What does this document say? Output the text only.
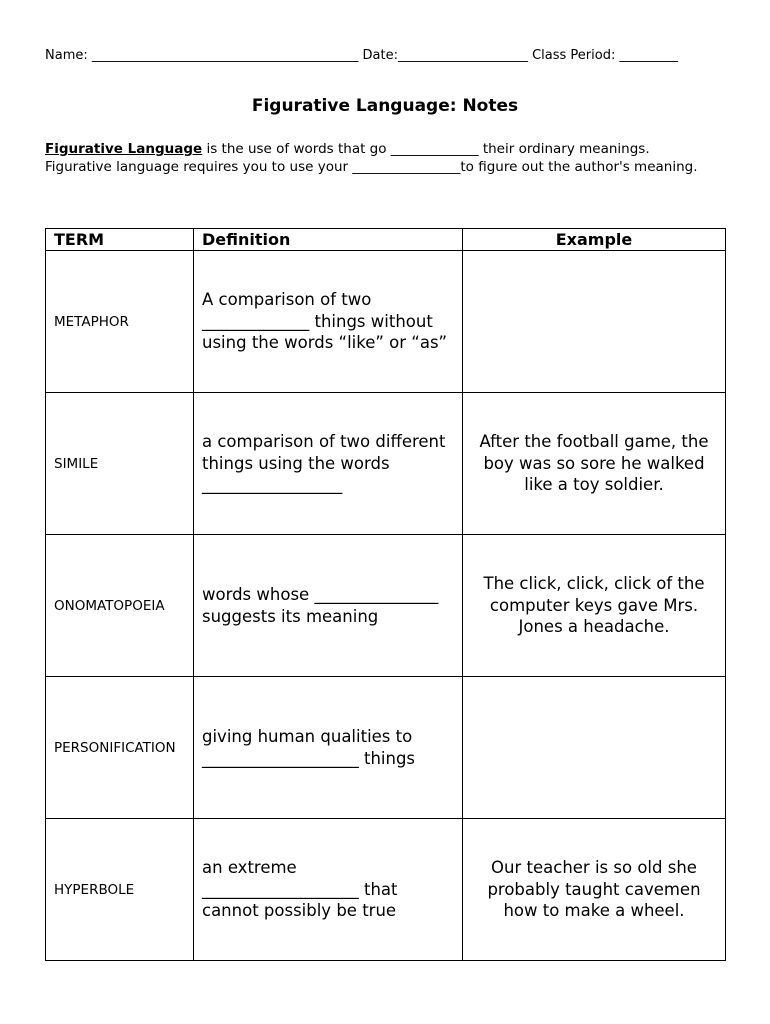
Name: _________________________________________ Date:____________________ Class Period: _________
Figurative Language: Notes
Figurative Language is the use of words that go _____________ their ordinary meanings.
Figurative language requires you to use your ________________to figure out the author's meaning.
TERM	Definition	Example
METAPHOR	A comparison of two _____________ things without using the words “like” or “as”	
SIMILE	a comparison of two different things using the words _________________	After the football game, the boy was so sore he walked like a toy soldier.
ONOMATOPOEIA	words whose _______________ suggests its meaning	The click, click, click of the computer keys gave Mrs. Jones a headache.
PERSONIFICATION	giving human qualities to ___________________ things	
HYPERBOLE	an extreme ___________________ that cannot possibly be true	Our teacher is so old she probably taught cavemen how to make a wheel.
